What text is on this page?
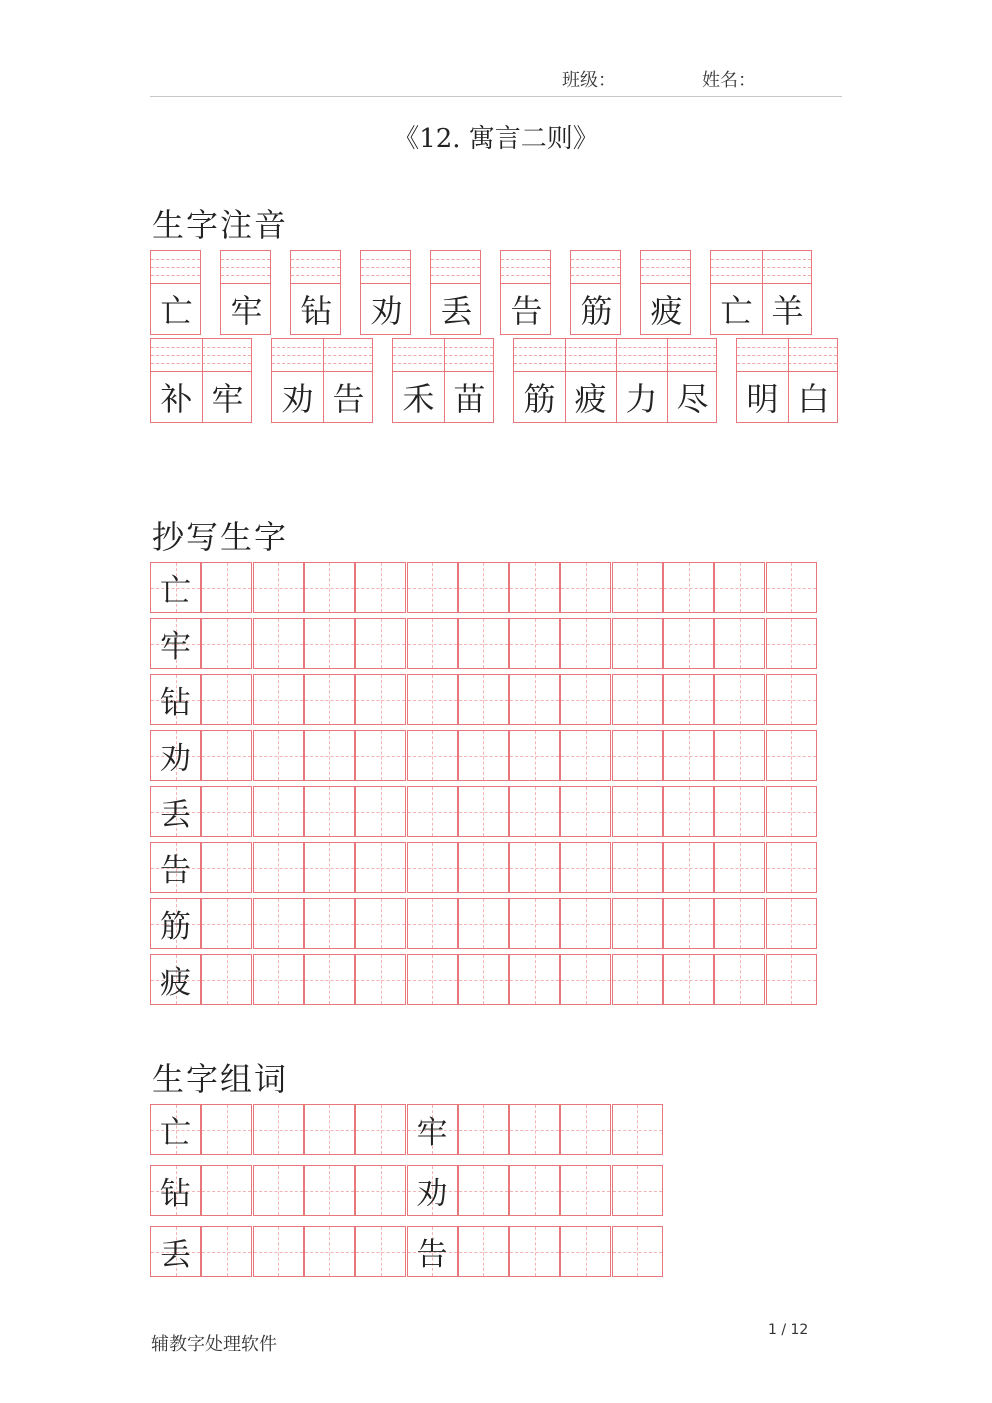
班级：	姓名：
《12. 寓言二则》
生字注音
亡 牢 钻 劝 丢 告 筋 疲 亡 羊
补 牢 劝 告 禾 苗 筋 疲 力 尽 明 白
抄写生字
亡
牢
钻
劝
丢
告
筋
疲
生字组词
亡	牢
钻	劝
丢	告
辅教字处理软件
1 / 12
